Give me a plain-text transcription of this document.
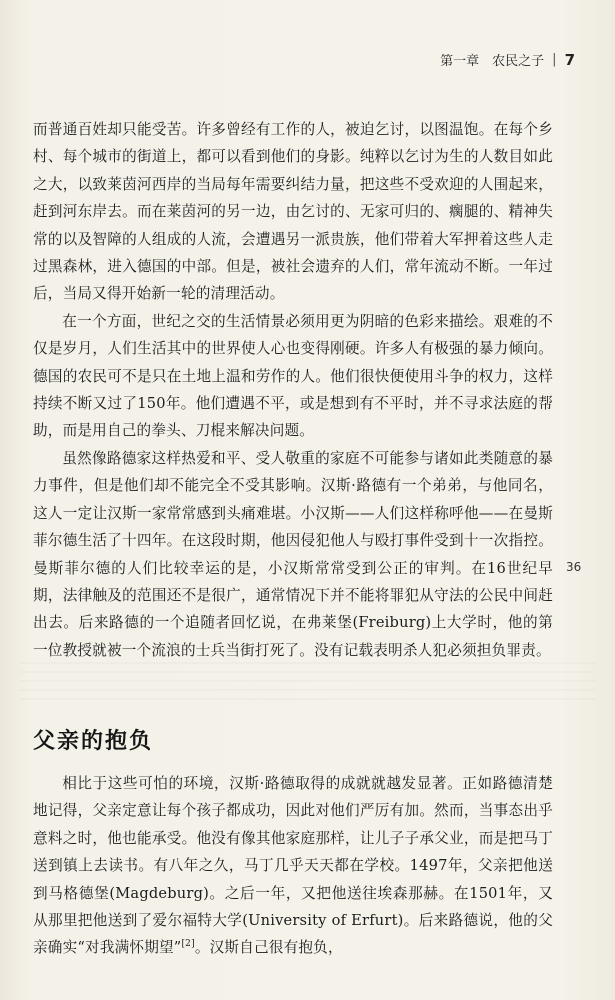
第一章　农民之子 | 7

而普通百姓却只能受苦。许多曾经有工作的人，被迫乞讨，以图温饱。在每个乡村、每个城市的街道上，都可以看到他们的身影。纯粹以乞讨为生的人数目如此之大，以致莱茵河西岸的当局每年需要纠结力量，把这些不受欢迎的人围起来，赶到河东岸去。而在莱茵河的另一边，由乞讨的、无家可归的、瘸腿的、精神失常的以及智障的人组成的人流，会遭遇另一派贵族，他们带着大军押着这些人走过黑森林，进入德国的中部。但是，被社会遗弃的人们，常年流动不断。一年过后，当局又得开始新一轮的清理活动。

在一个方面，世纪之交的生活情景必须用更为阴暗的色彩来描绘。艰难的不仅是岁月，人们生活其中的世界使人心也变得刚硬。许多人有极强的暴力倾向。德国的农民可不是只在土地上温和劳作的人。他们很快便使用斗争的权力，这样持续不断又过了150年。他们遭遇不平，或是想到有不平时，并不寻求法庭的帮助，而是用自己的拳头、刀棍来解决问题。

虽然像路德家这样热爱和平、受人敬重的家庭不可能参与诸如此类随意的暴力事件，但是他们却不能完全不受其影响。汉斯·路德有一个弟弟，与他同名，这人一定让汉斯一家常常感到头痛难堪。小汉斯——人们这样称呼他——在曼斯菲尔德生活了十四年。在这段时期，他因侵犯他人与殴打事件受到十一次指控。曼斯菲尔德的人们比较幸运的是，小汉斯常常受到公正的审判。在16世纪早期，法律触及的范围还不是很广，通常情况下并不能将罪犯从守法的公民中间赶出去。后来路德的一个追随者回忆说，在弗莱堡(Freiburg)上大学时，他的第一位教授就被一个流浪的士兵当街打死了。没有记载表明杀人犯必须担负罪责。

36
父亲的抱负

相比于这些可怕的环境，汉斯·路德取得的成就就越发显著。正如路德清楚地记得，父亲定意让每个孩子都成功，因此对他们严厉有加。然而，当事态出乎意料之时，他也能承受。他没有像其他家庭那样，让儿子子承父业，而是把马丁送到镇上去读书。有八年之久，马丁几乎天天都在学校。1497年，父亲把他送到马格德堡(Magdeburg)。之后一年，又把他送往埃森那赫。在1501年，又从那里把他送到了爱尔福特大学(University of Erfurt)。后来路德说，他的父亲确实“对我满怀期望”[2]。汉斯自己很有抱负，
